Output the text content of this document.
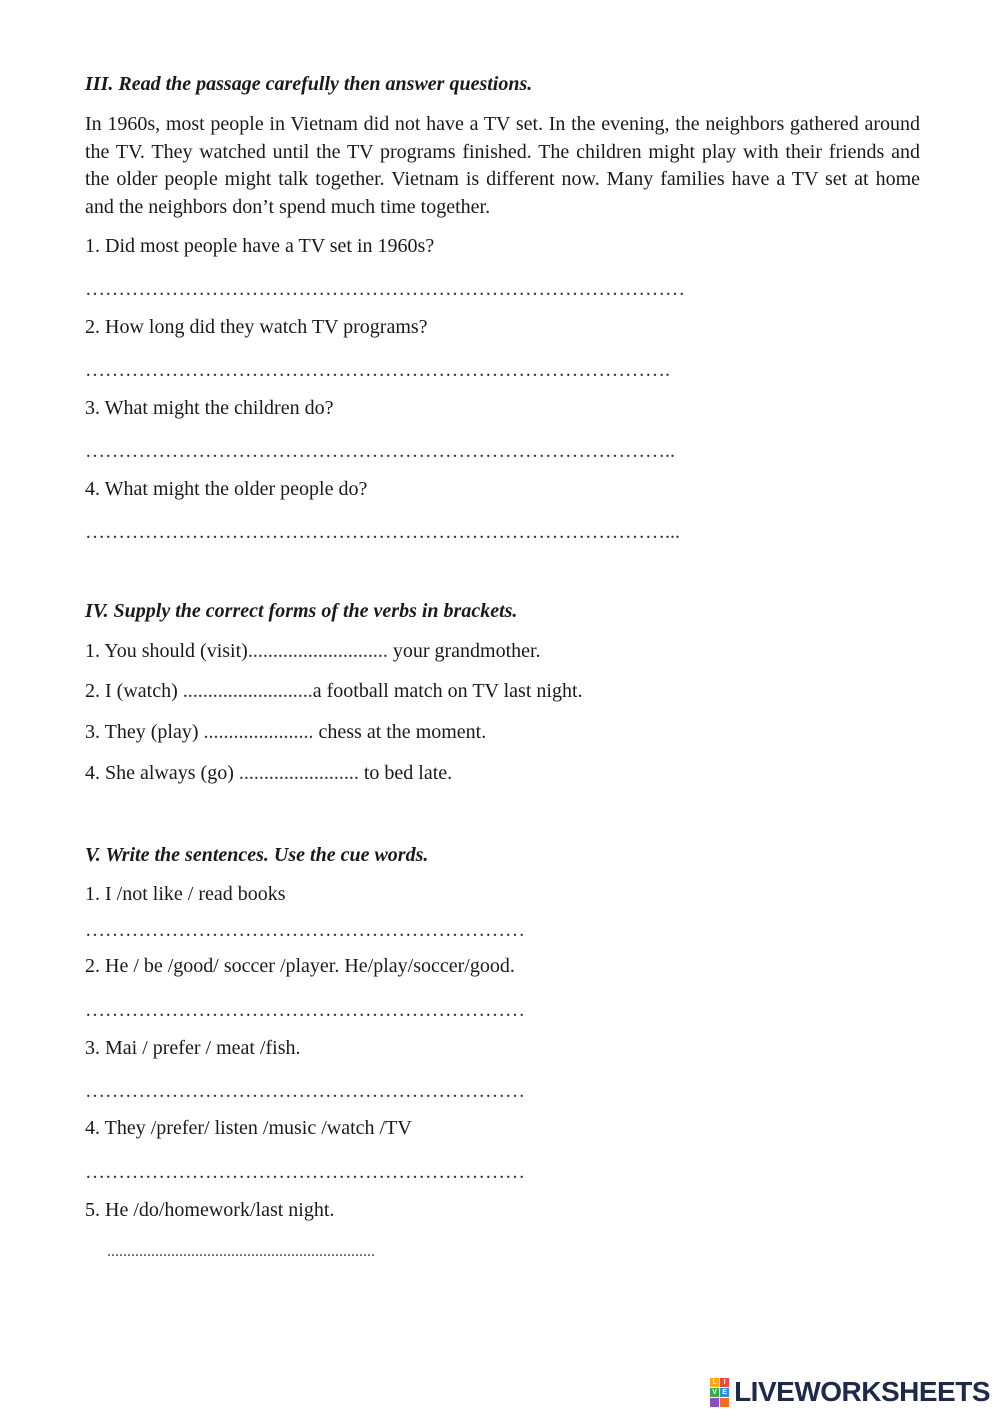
III. Read the passage carefully then answer questions.
In 1960s, most people in Vietnam did not have a TV set. In the evening, the neighbors gathered around the TV. They watched until the TV programs finished. The children might play with their friends and the older people might talk together. Vietnam is different now. Many families have a TV set at home and the neighbors don’t spend much time together.
1. Did most people have a TV set in 1960s?
………………………………………………………………………………
2. How long did they watch TV programs?
…………………………………………………………………………….
3. What might the children do?
……………………………………………………………………………..
4. What might the older people do?
……………………………………………………………………………...
IV. Supply the correct forms of the verbs in brackets.
1. You should (visit)............................ your grandmother.
2. I (watch) ..........................a football match on TV last night.
3. They (play) ...................... chess at the moment.
4. She always (go) ........................ to bed late.
V. Write the sentences. Use the cue words.
1. I /not like / read books
…………………………………………………………
2. He / be /good/ soccer /player. He/play/soccer/good.
…………………………………………………………
3. Mai / prefer / meat /fish.
…………………………………………………………
4. They /prefer/ listen /music /watch /TV
…………………………………………………………
5. He /do/homework/last night.
...................................................................
L I
V E LIVEWORKSHEETS
